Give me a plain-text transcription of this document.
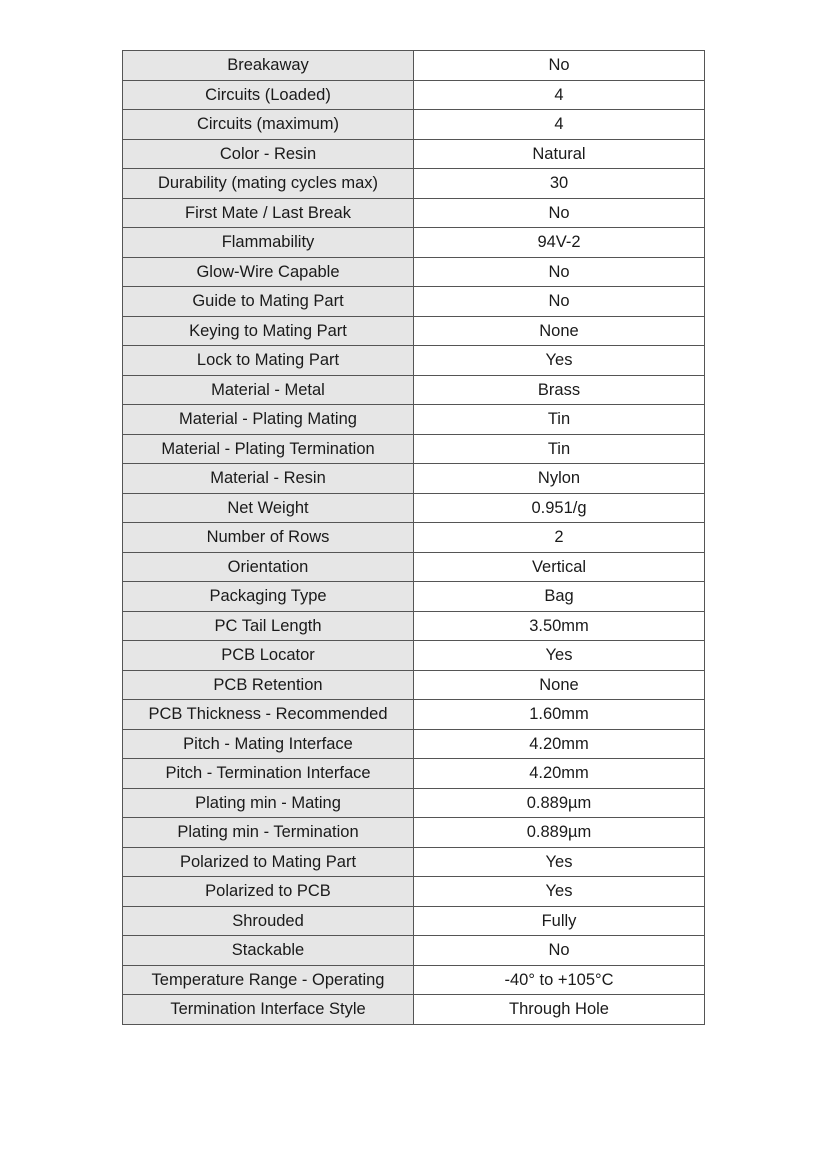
Breakaway	No
Circuits (Loaded)	4
Circuits (maximum)	4
Color - Resin	Natural
Durability (mating cycles max)	30
First Mate / Last Break	No
Flammability	94V-2
Glow-Wire Capable	No
Guide to Mating Part	No
Keying to Mating Part	None
Lock to Mating Part	Yes
Material - Metal	Brass
Material - Plating Mating	Tin
Material - Plating Termination	Tin
Material - Resin	Nylon
Net Weight	0.951/g
Number of Rows	2
Orientation	Vertical
Packaging Type	Bag
PC Tail Length	3.50mm
PCB Locator	Yes
PCB Retention	None
PCB Thickness - Recommended	1.60mm
Pitch - Mating Interface	4.20mm
Pitch - Termination Interface	4.20mm
Plating min - Mating	0.889µm
Plating min - Termination	0.889µm
Polarized to Mating Part	Yes
Polarized to PCB	Yes
Shrouded	Fully
Stackable	No
Temperature Range - Operating	-40° to +105°C
Termination Interface Style	Through Hole
